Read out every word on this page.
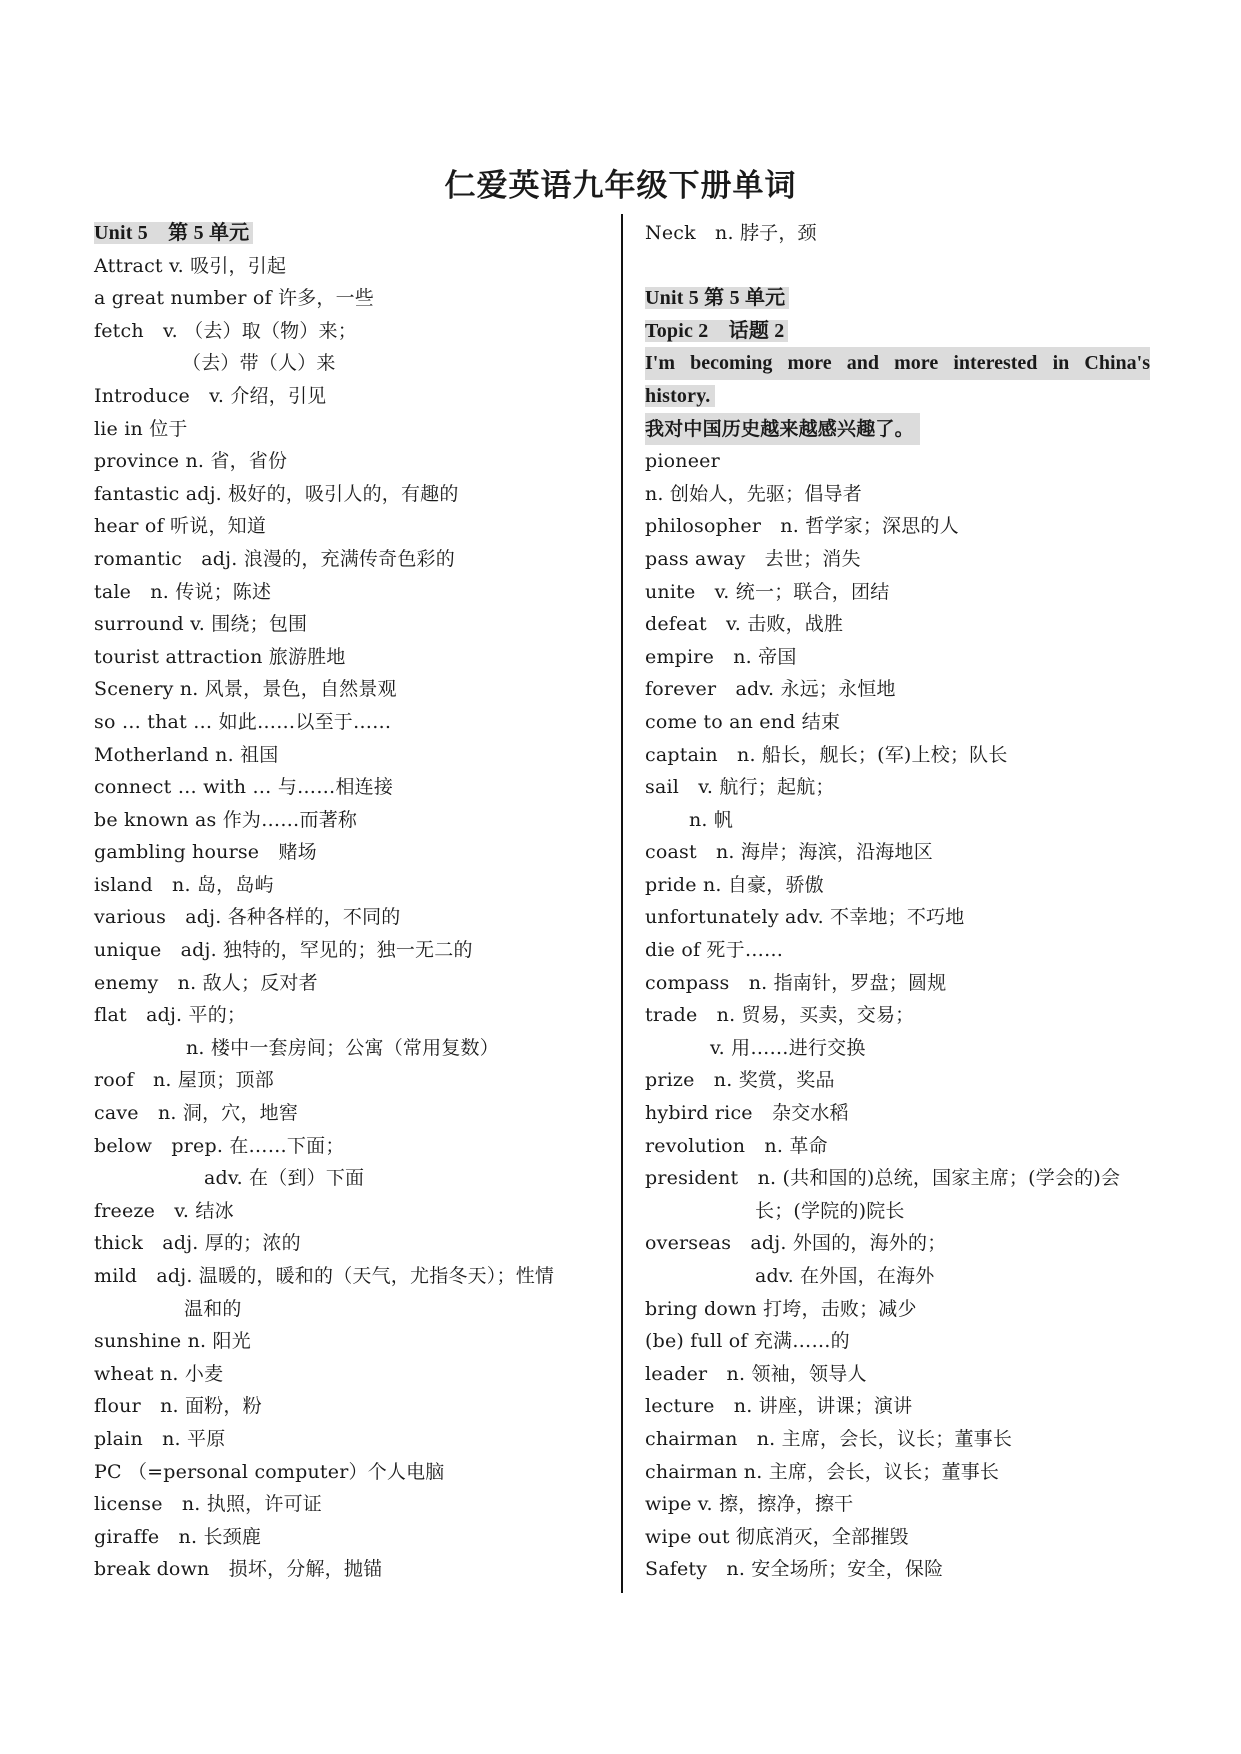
仁爱英语九年级下册单词
Unit 5　第 5 单元
Attract v. 吸引，引起
a great number of 许多，一些
fetch　v. （去）取（物）来；
（去）带（人）来
Introduce　v. 介绍，引见
lie in 位于
province n. 省，省份
fantastic adj. 极好的，吸引人的，有趣的
hear of 听说，知道
romantic　adj. 浪漫的，充满传奇色彩的
tale　n. 传说；陈述
surround v. 围绕；包围
tourist attraction 旅游胜地
Scenery n. 风景，景色，自然景观
so … that … 如此……以至于……
Motherland n. 祖国
connect … with … 与……相连接
be known as 作为……而著称
gambling hourse　赌场
island　n. 岛，岛屿
various　adj. 各种各样的，不同的
unique　adj. 独特的，罕见的；独一无二的
enemy　n. 敌人；反对者
flat　adj. 平的；
n. 楼中一套房间；公寓（常用复数）
roof　n. 屋顶；顶部
cave　n. 洞，穴，地窖
below　prep. 在……下面；
adv. 在（到）下面
freeze　v. 结冰
thick　adj. 厚的；浓的
mild　adj. 温暖的，暖和的（天气，尤指冬天）；性情
温和的
sunshine n. 阳光
wheat n. 小麦
flour　n. 面粉，粉
plain　n. 平原
PC （=personal computer）个人电脑
license　n. 执照，许可证
giraffe　n. 长颈鹿
break down　损坏，分解，抛锚
Neck　n. 脖子，颈
Unit 5 第 5 单元
Topic 2　话题 2
I'm becoming more and more interested in China's
history.
我对中国历史越来越感兴趣了。
pioneer
n. 创始人，先驱；倡导者
philosopher　n. 哲学家；深思的人
pass away　去世；消失
unite　v. 统一；联合，团结
defeat　v. 击败，战胜
empire　n. 帝国
forever　adv. 永远；永恒地
come to an end 结束
captain　n. 船长，舰长；(军)上校；队长
sail　v. 航行；起航；
n. 帆
coast　n. 海岸；海滨，沿海地区
pride n. 自豪，骄傲
unfortunately adv. 不幸地；不巧地
die of 死于……
compass　n. 指南针，罗盘；圆规
trade　n. 贸易，买卖，交易；
v. 用……进行交换
prize　n. 奖赏，奖品
hybird rice　杂交水稻
revolution　n. 革命
president　n. (共和国的)总统，国家主席；(学会的)会
长；(学院的)院长
overseas　adj. 外国的，海外的；
adv. 在外国，在海外
bring down 打垮，击败；减少
(be) full of 充满……的
leader　n. 领袖，领导人
lecture　n. 讲座，讲课；演讲
chairman　n. 主席，会长，议长；董事长
chairman n. 主席，会长，议长；董事长
wipe v. 擦，擦净，擦干
wipe out 彻底消灭，全部摧毁
Safety　n. 安全场所；安全，保险
